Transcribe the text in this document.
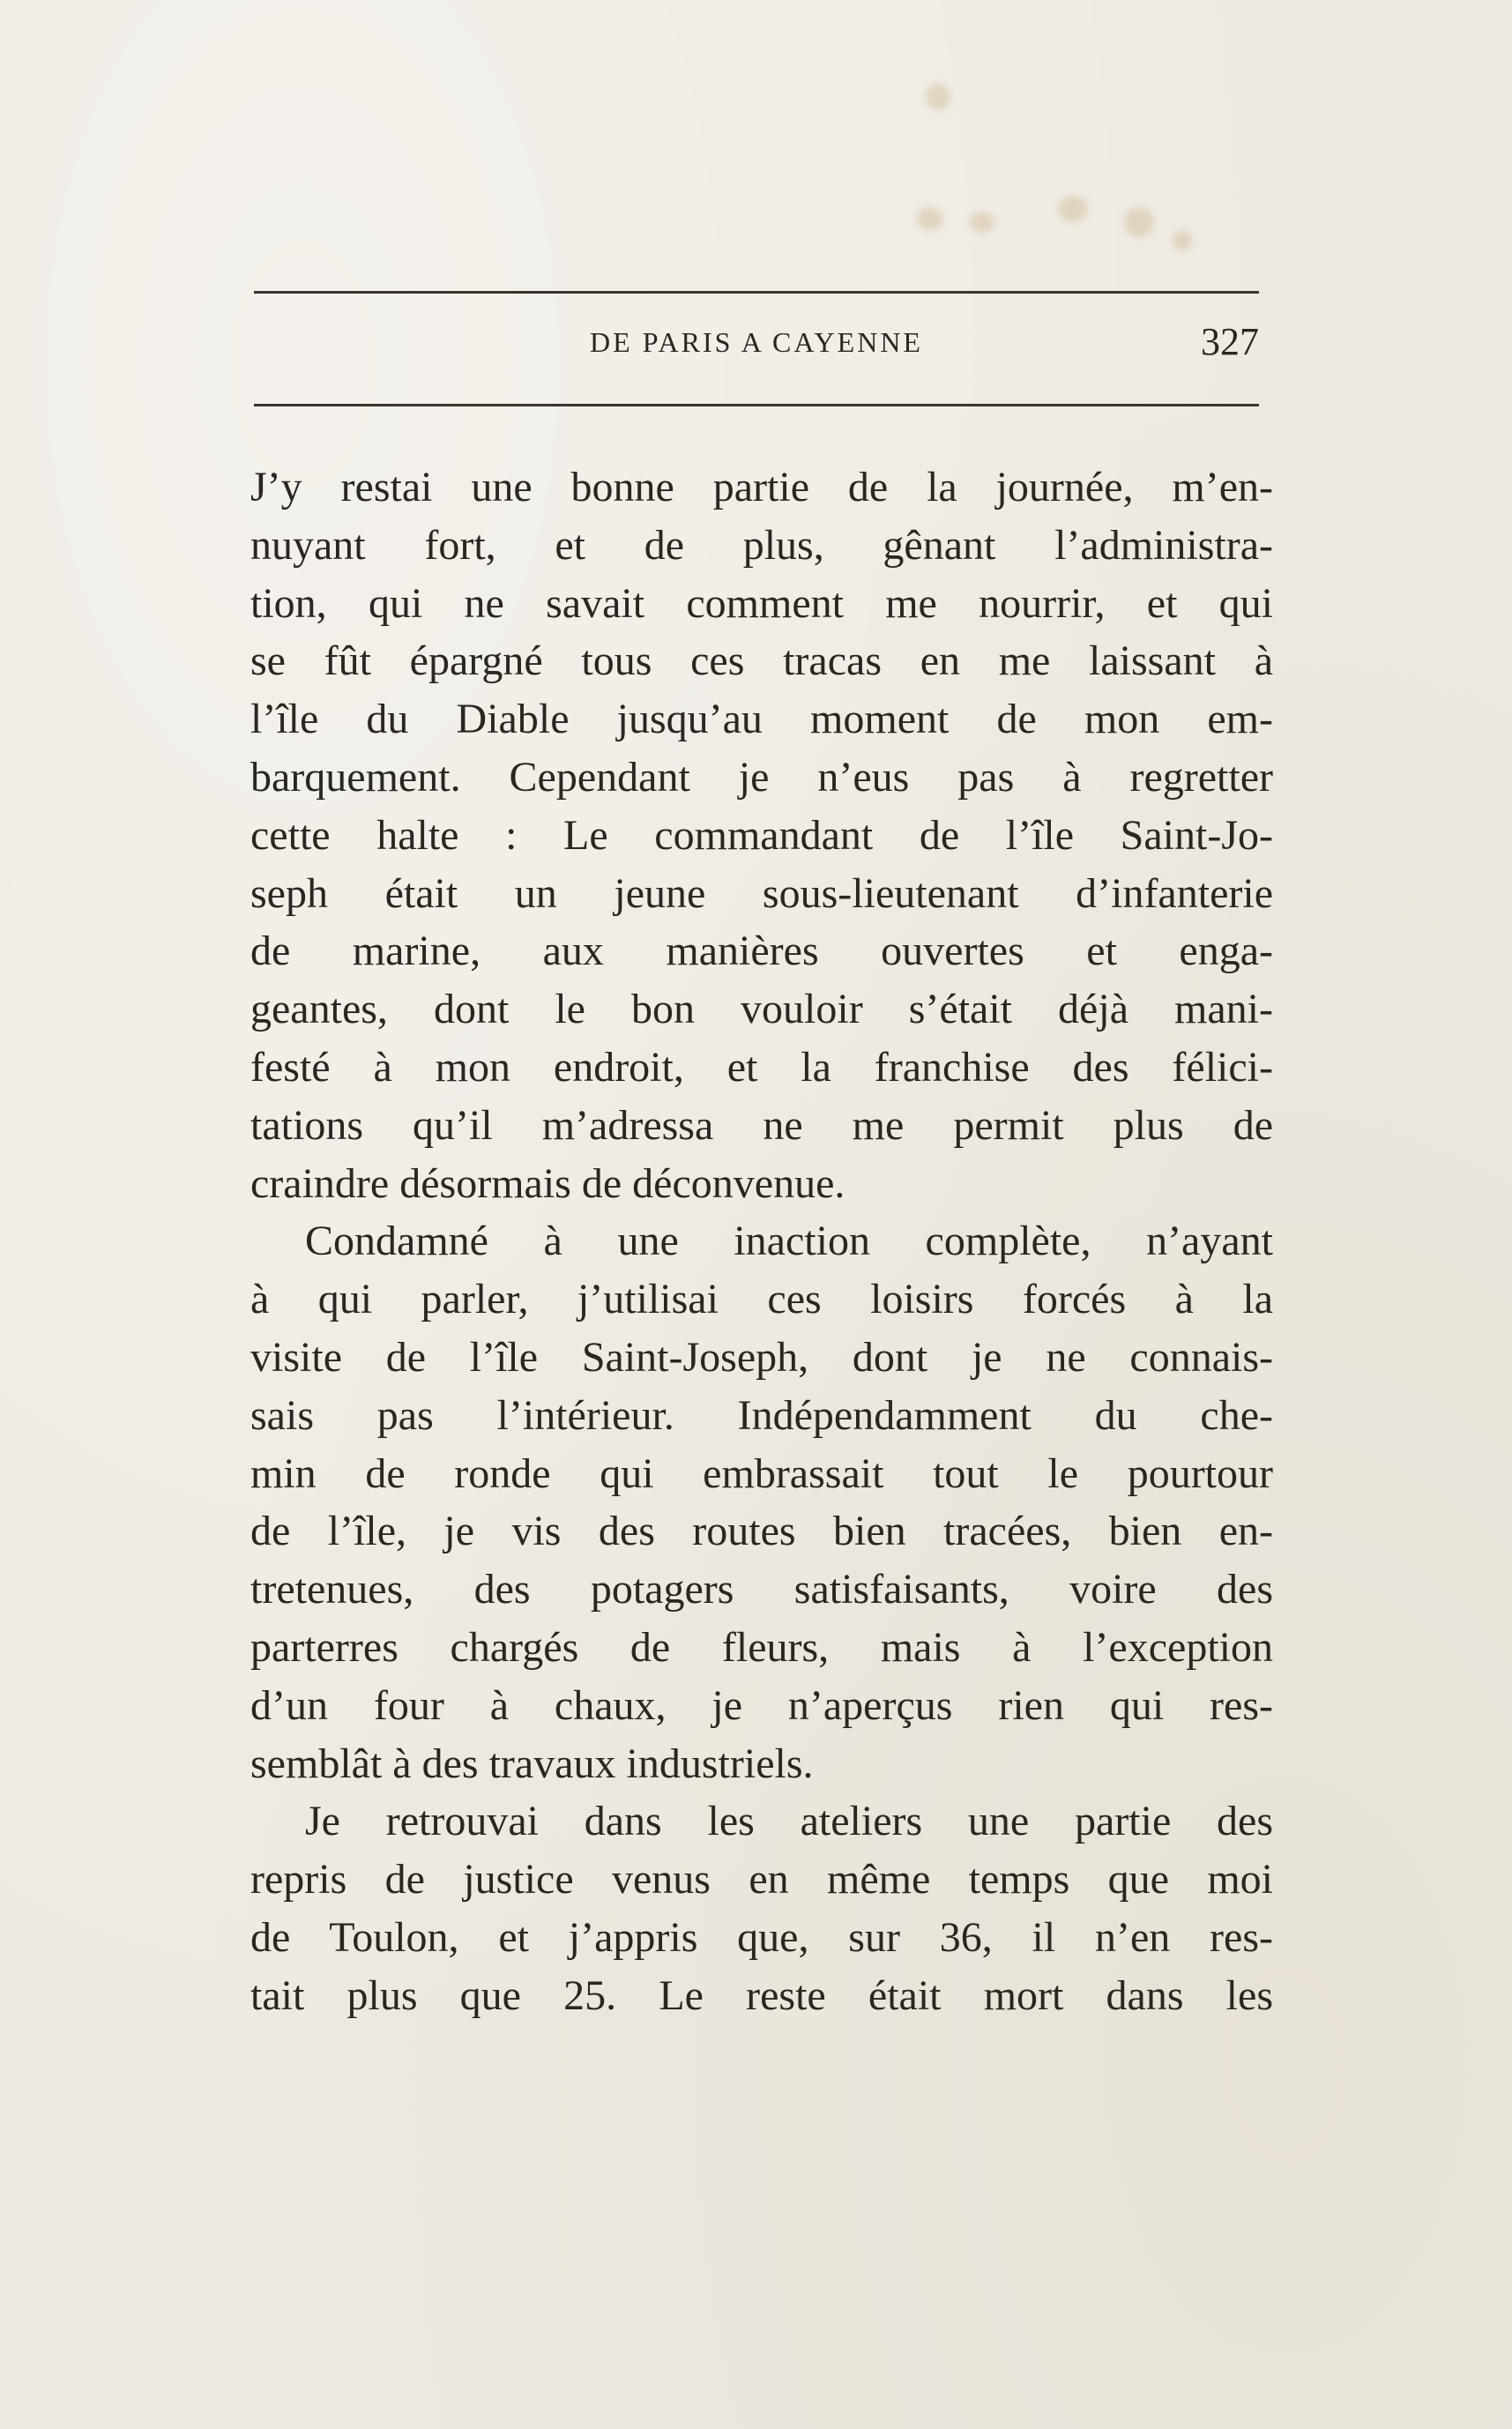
DE PARIS A CAYENNE	327
J’y restai une bonne partie de la journée, m’en-
nuyant fort, et de plus, gênant l’administra-
tion, qui ne savait comment me nourrir, et qui
se fût épargné tous ces tracas en me laissant à
l’île du Diable jusqu’au moment de mon em-
barquement. Cependant je n’eus pas à regretter
cette halte : Le commandant de l’île Saint-Jo-
seph était un jeune sous-lieutenant d’infanterie
de marine, aux manières ouvertes et enga-
geantes, dont le bon vouloir s’était déjà mani-
festé à mon endroit, et la franchise des félici-
tations qu’il m’adressa ne me permit plus de
craindre désormais de déconvenue.
Condamné à une inaction complète, n’ayant
à qui parler, j’utilisai ces loisirs forcés à la
visite de l’île Saint-Joseph, dont je ne connais-
sais pas l’intérieur. Indépendamment du che-
min de ronde qui embrassait tout le pourtour
de l’île, je vis des routes bien tracées, bien en-
tretenues, des potagers satisfaisants, voire des
parterres chargés de fleurs, mais à l’exception
d’un four à chaux, je n’aperçus rien qui res-
semblât à des travaux industriels.
Je retrouvai dans les ateliers une partie des
repris de justice venus en même temps que moi
de Toulon, et j’appris que, sur 36, il n’en res-
tait plus que 25. Le reste était mort dans les
